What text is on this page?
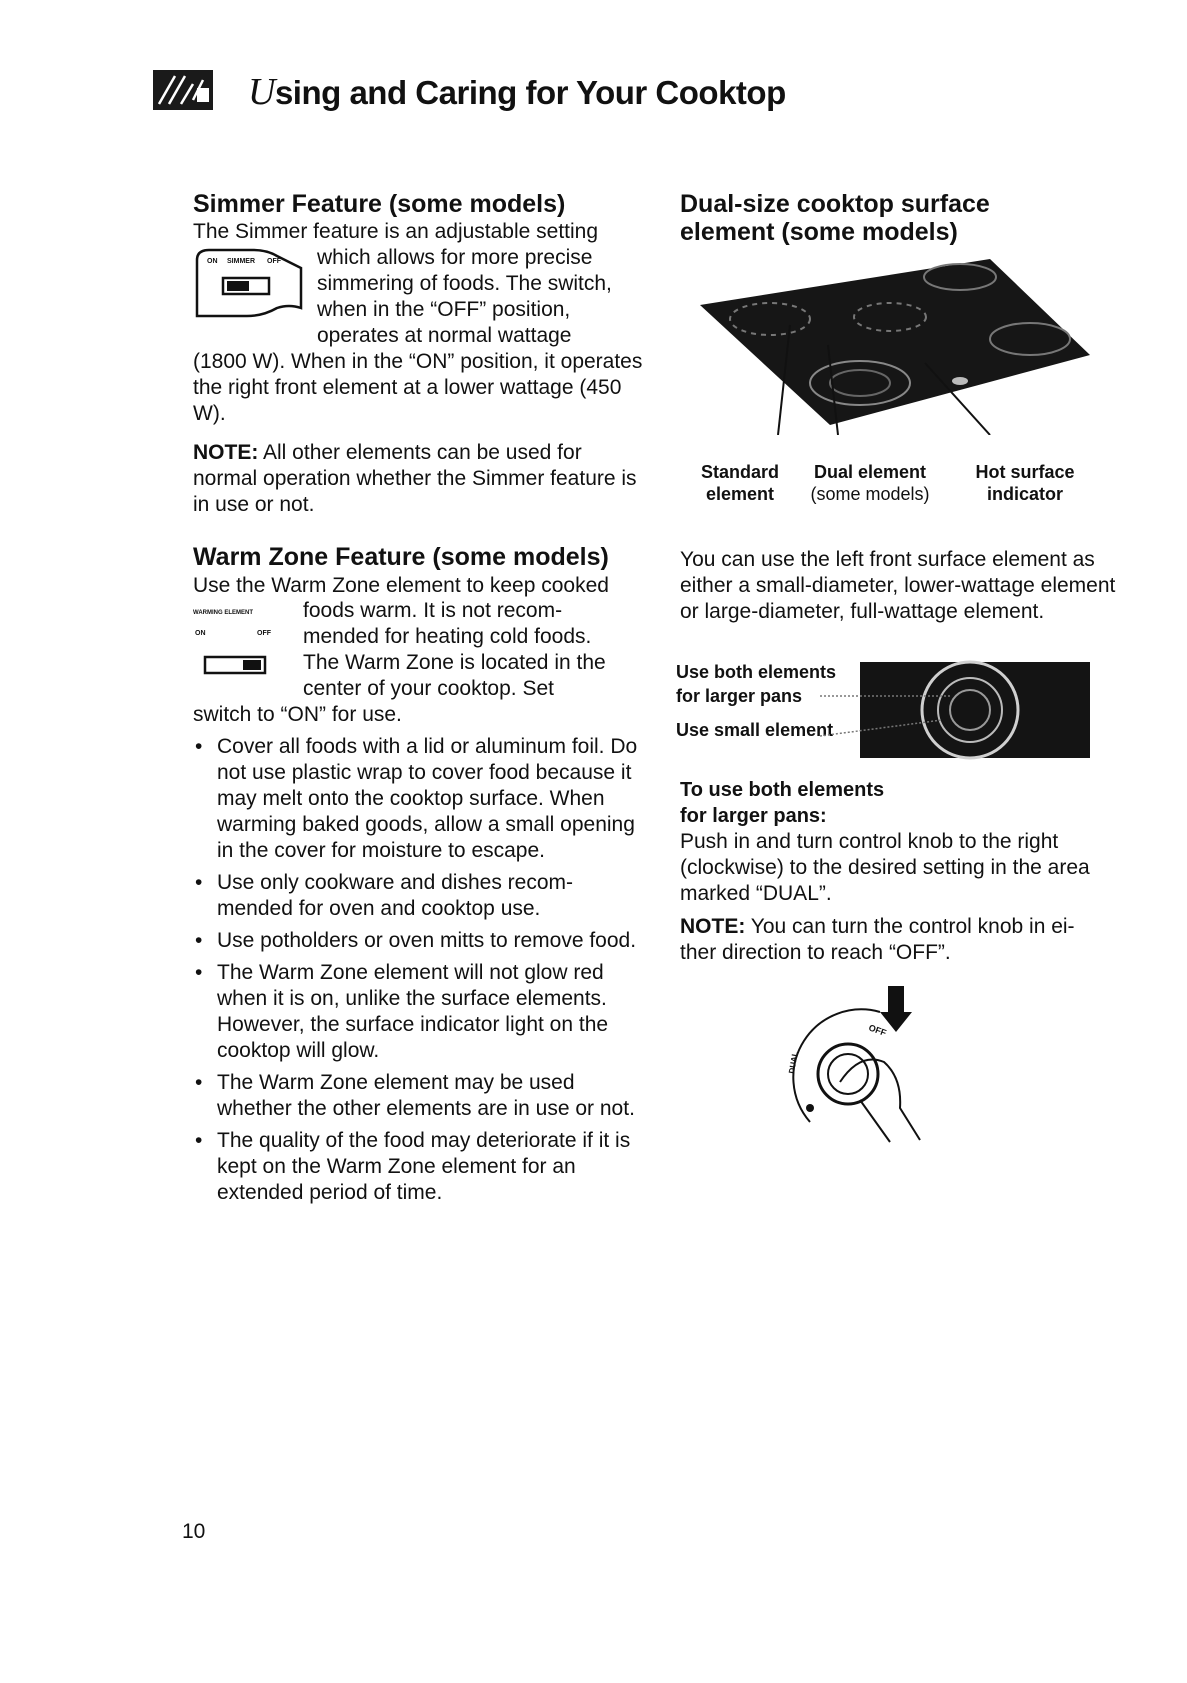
Using and Caring for Your Cooktop
Simmer Feature (some models)

The Simmer feature is an adjustable setting

ON SIMMER OFF which allows for more precise

simmering of foods. The switch,

when in the “OFF” position,

operates at normal wattage

(1800 W). When in the “ON” position, it operates the right front element at a lower wattage (450 W).

NOTE: All other elements can be used for normal operation whether the Simmer feature is in use or not.

Warm Zone Feature (some models)

Use the Warm Zone element to keep cooked

WARMING ELEMENT
ON	OFF

foods warm. It is not recom-

mended for heating cold foods.

The Warm Zone is located in the

center of your cooktop. Set

switch to “ON” for use.

• Cover all foods with a lid or aluminum foil. Do not use plastic wrap to cover food because it may melt onto the cooktop surface. When warming baked goods, allow a small opening in the cover for moisture to escape.
• Use only cookware and dishes recom-mended for oven and cooktop use.
• Use potholders or oven mitts to remove food.
• The Warm Zone element will not glow red when it is on, unlike the surface elements. However, the surface indicator light on the cooktop will glow.
• The Warm Zone element may be used whether the other elements are in use or not.
• The quality of the food may deteriorate if it is kept on the Warm Zone element for an extended period of time.
Dual-size cooktop surface
element (some models)
Standard
element
Dual element
(some models)
Hot surface
indicator

You can use the left front surface element as either a small-diameter, lower-wattage element or large-diameter, full-wattage element.

Use both elements
for larger pans
Use small element
To use both elements
for larger pans:

Push in and turn control knob to the right (clockwise) to the desired setting in the area marked “DUAL”.

NOTE: You can turn the control knob in ei-ther direction to reach “OFF”.

OFF
DUAL
10
